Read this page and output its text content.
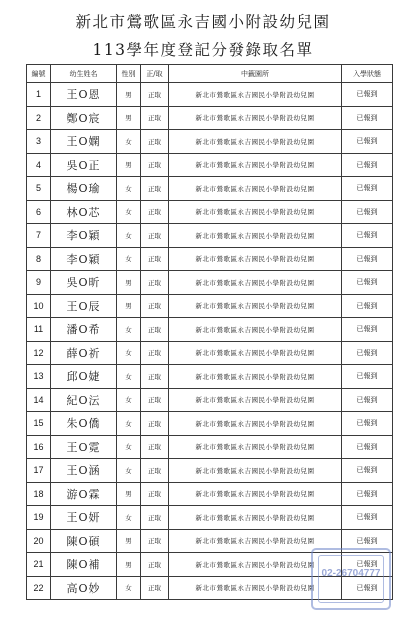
新北市鶯歌區永吉國小附設幼兒園
113學年度登記分發錄取名單
編號	幼生姓名	性別	正/取	中籤園所	入學狀態
1	王O恩	男	正取	新北市鶯歌區永吉國民小學附設幼兒園	已報到
2	鄭O宸	男	正取	新北市鶯歌區永吉國民小學附設幼兒園	已報到
3	王O嫻	女	正取	新北市鶯歌區永吉國民小學附設幼兒園	已報到
4	吳O正	男	正取	新北市鶯歌區永吉國民小學附設幼兒園	已報到
5	楊O瑜	女	正取	新北市鶯歌區永吉國民小學附設幼兒園	已報到
6	林O芯	女	正取	新北市鶯歌區永吉國民小學附設幼兒園	已報到
7	李O穎	女	正取	新北市鶯歌區永吉國民小學附設幼兒園	已報到
8	李O穎	女	正取	新北市鶯歌區永吉國民小學附設幼兒園	已報到
9	吳O昕	男	正取	新北市鶯歌區永吉國民小學附設幼兒園	已報到
10	王O辰	男	正取	新北市鶯歌區永吉國民小學附設幼兒園	已報到
11	潘O希	女	正取	新北市鶯歌區永吉國民小學附設幼兒園	已報到
12	薛O祈	女	正取	新北市鶯歌區永吉國民小學附設幼兒園	已報到
13	邱O婕	女	正取	新北市鶯歌區永吉國民小學附設幼兒園	已報到
14	紀O沄	女	正取	新北市鶯歌區永吉國民小學附設幼兒園	已報到
15	朱O僑	女	正取	新北市鶯歌區永吉國民小學附設幼兒園	已報到
16	王O霓	女	正取	新北市鶯歌區永吉國民小學附設幼兒園	已報到
17	王O涵	女	正取	新北市鶯歌區永吉國民小學附設幼兒園	已報到
18	游O霖	男	正取	新北市鶯歌區永吉國民小學附設幼兒園	已報到
19	王O妍	女	正取	新北市鶯歌區永吉國民小學附設幼兒園	已報到
20	陳O碩	男	正取	新北市鶯歌區永吉國民小學附設幼兒園	已報到
21	陳O補	男	正取	新北市鶯歌區永吉國民小學附設幼兒園	已報到
22	高O妙	女	正取	新北市鶯歌區永吉國民小學附設幼兒園	已報到
02-26704777
